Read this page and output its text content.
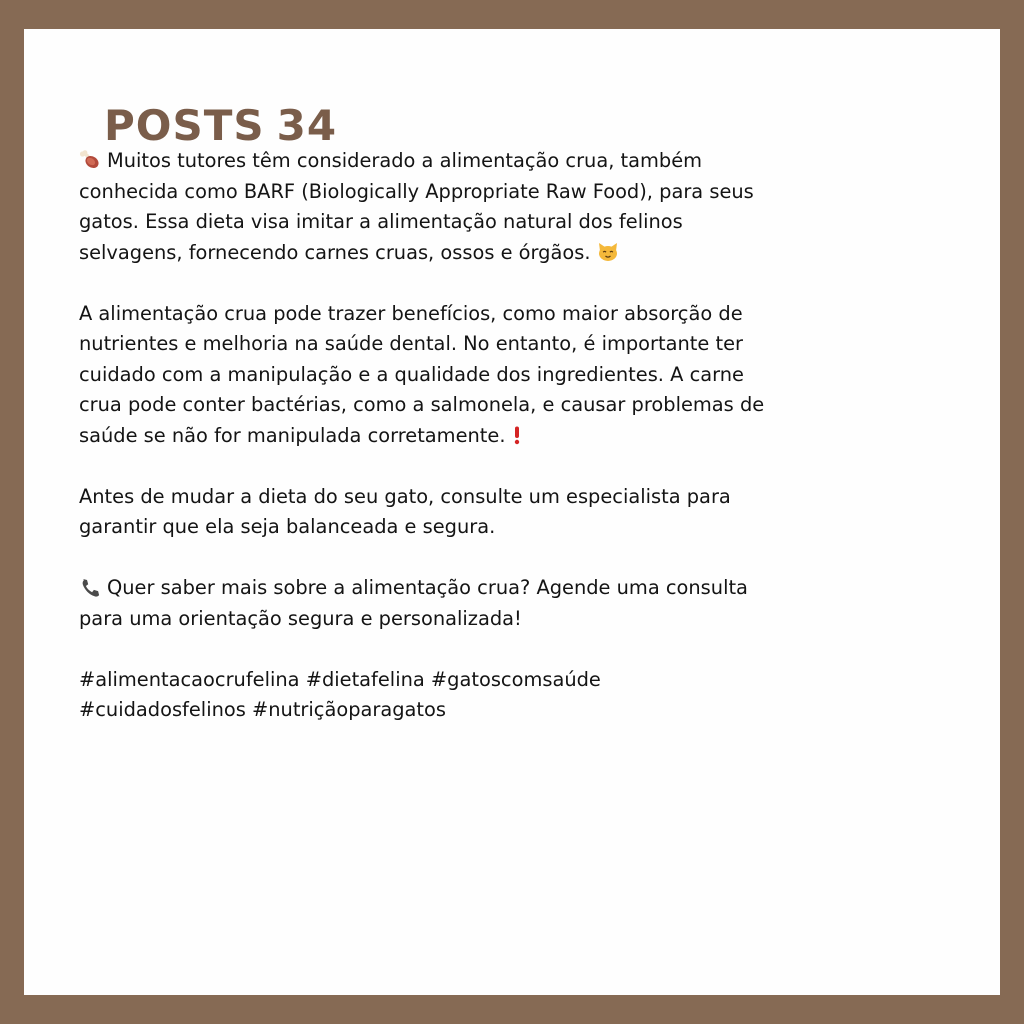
POSTS 34

Muitos tutores têm considerado a alimentação crua, também
conhecida como BARF (Biologically Appropriate Raw Food), para seus
gatos. Essa dieta visa imitar a alimentação natural dos felinos
selvagens, fornecendo carnes cruas, ossos e órgãos.

A alimentação crua pode trazer benefícios, como maior absorção de
nutrientes e melhoria na saúde dental. No entanto, é importante ter
cuidado com a manipulação e a qualidade dos ingredientes. A carne
crua pode conter bactérias, como a salmonela, e causar problemas de
saúde se não for manipulada corretamente.

Antes de mudar a dieta do seu gato, consulte um especialista para
garantir que ela seja balanceada e segura.

Quer saber mais sobre a alimentação crua? Agende uma consulta
para uma orientação segura e personalizada!

#alimentacaocrufelina #dietafelina #gatoscomsaúde
#cuidadosfelinos #nutriçãoparagatos
